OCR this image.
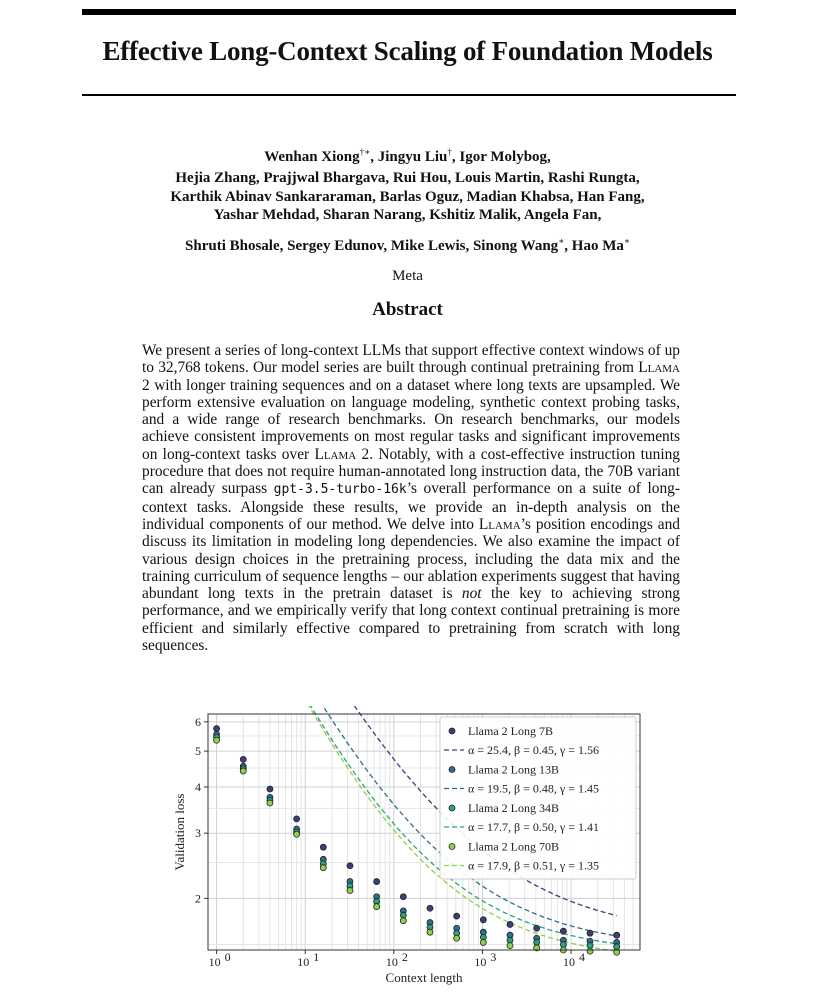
Effective Long-Context Scaling of Foundation Models
Wenhan Xiong†∗, Jingyu Liu†, Igor Molybog,
Hejia Zhang, Prajjwal Bhargava, Rui Hou, Louis Martin, Rashi Rungta,
Karthik Abinav Sankararaman, Barlas Oguz, Madian Khabsa, Han Fang,
Yashar Mehdad, Sharan Narang, Kshitiz Malik, Angela Fan,
Shruti Bhosale, Sergey Edunov, Mike Lewis, Sinong Wang∗, Hao Ma∗
Meta
Abstract
We present a series of long-context LLMs that support effective context windows of up to 32,768 tokens. Our model series are built through continual pretraining from Llama 2 with longer training sequences and on a dataset where long texts are upsampled. We perform extensive evaluation on language modeling, synthetic context probing tasks, and a wide range of research benchmarks. On research benchmarks, our models achieve consistent improvements on most regular tasks and significant improvements on long-context tasks over Llama 2. Notably, with a cost-effective instruction tuning procedure that does not require human-annotated long instruction data, the 70B variant can already surpass gpt-3.5-turbo-16k’s overall performance on a suite of long-context tasks. Alongside these results, we provide an in-depth analysis on the individual components of our method. We delve into Llama’s position encodings and discuss its limitation in modeling long dependencies. We also examine the impact of various design choices in the pretraining process, including the data mix and the training curriculum of sequence lengths – our ablation experiments suggest that having abundant long texts in the pretrain dataset is not the key to achieving strong performance, and we empirically verify that long context continual pretraining is more efficient and similarly effective compared to pretraining from scratch with long sequences.
10 0	10 1	10 2	10 3	10 4
2
3
4
5
6
Validation loss
Context length
Llama 2 Long 7B
α = 25.4, β = 0.45, γ = 1.56
Llama 2 Long 13B
α = 19.5, β = 0.48, γ = 1.45
Llama 2 Long 34B
α = 17.7, β = 0.50, γ = 1.41
Llama 2 Long 70B
α = 17.9, β = 0.51, γ = 1.35
